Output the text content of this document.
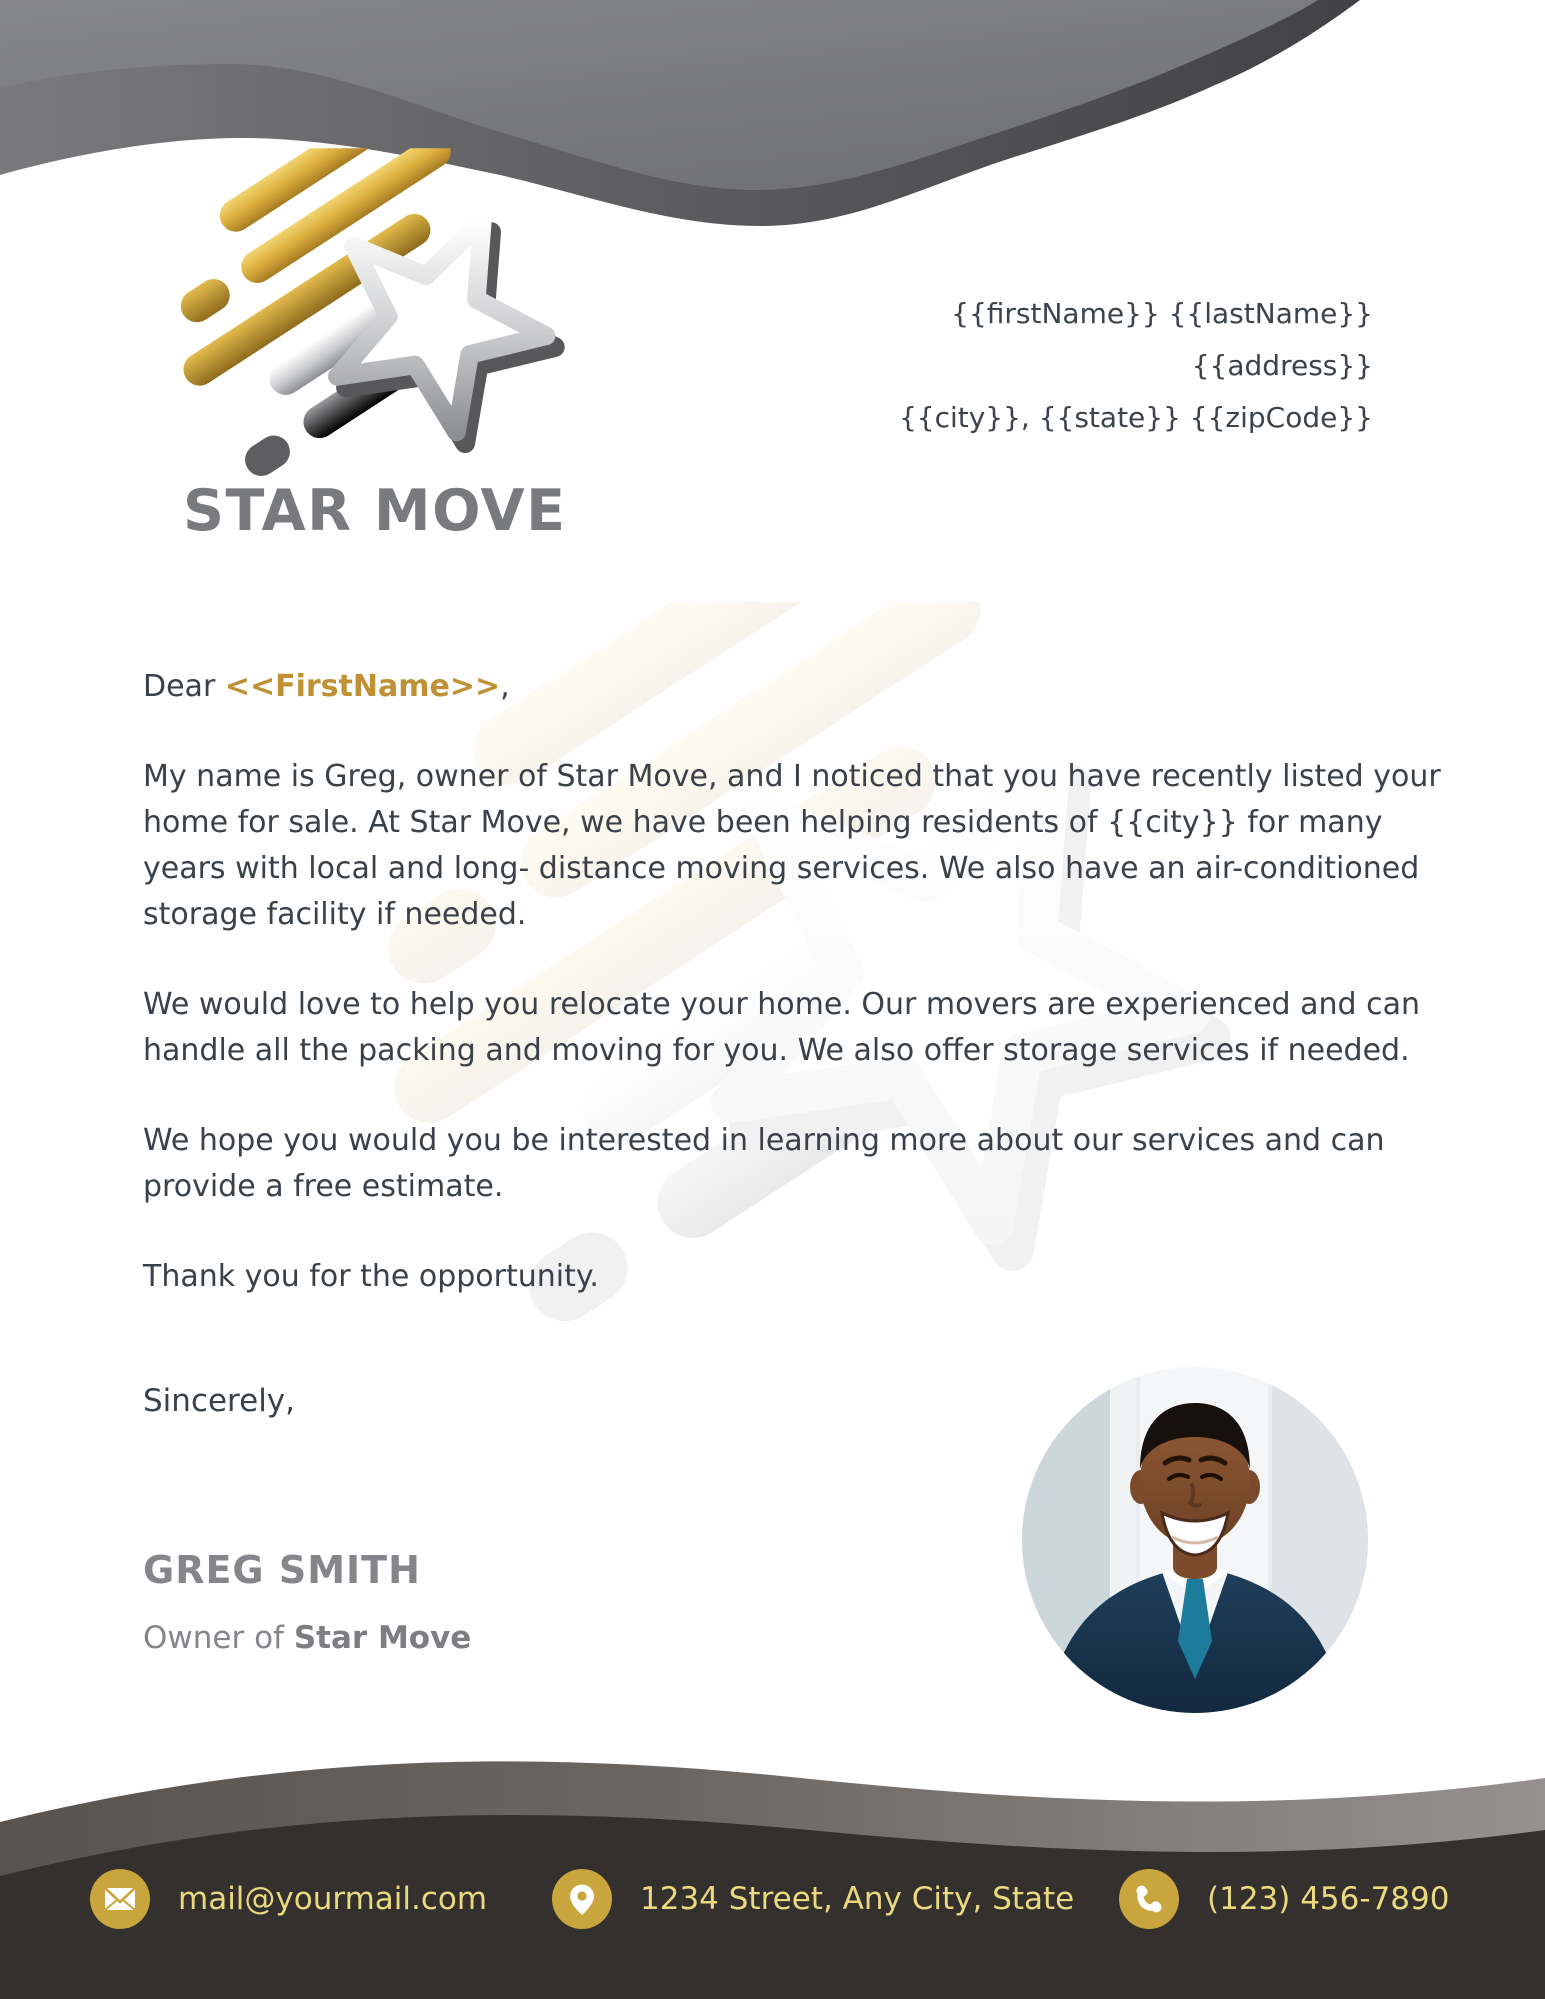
STAR MOVE
{{firstName}} {{lastName}}
{{address}}
{{city}}, {{state}} {{zipCode}}

Dear <<FirstName>>,

My name is Greg, owner of Star Move, and I noticed that you have recently listed your home for sale. At Star Move, we have been helping residents of {{city}} for many years with local and long- distance moving services. We also have an air-conditioned storage facility if needed.

We would love to help you relocate your home. Our movers are experienced and can handle all the packing and moving for you. We also offer storage services if needed.

We hope you would you be interested in learning more about our services and can provide a free estimate.

Thank you for the opportunity.

Sincerely,
GREG SMITH
Owner of Star Move
mail@yourmail.com	1234 Street, Any City, State	(123) 456-7890
